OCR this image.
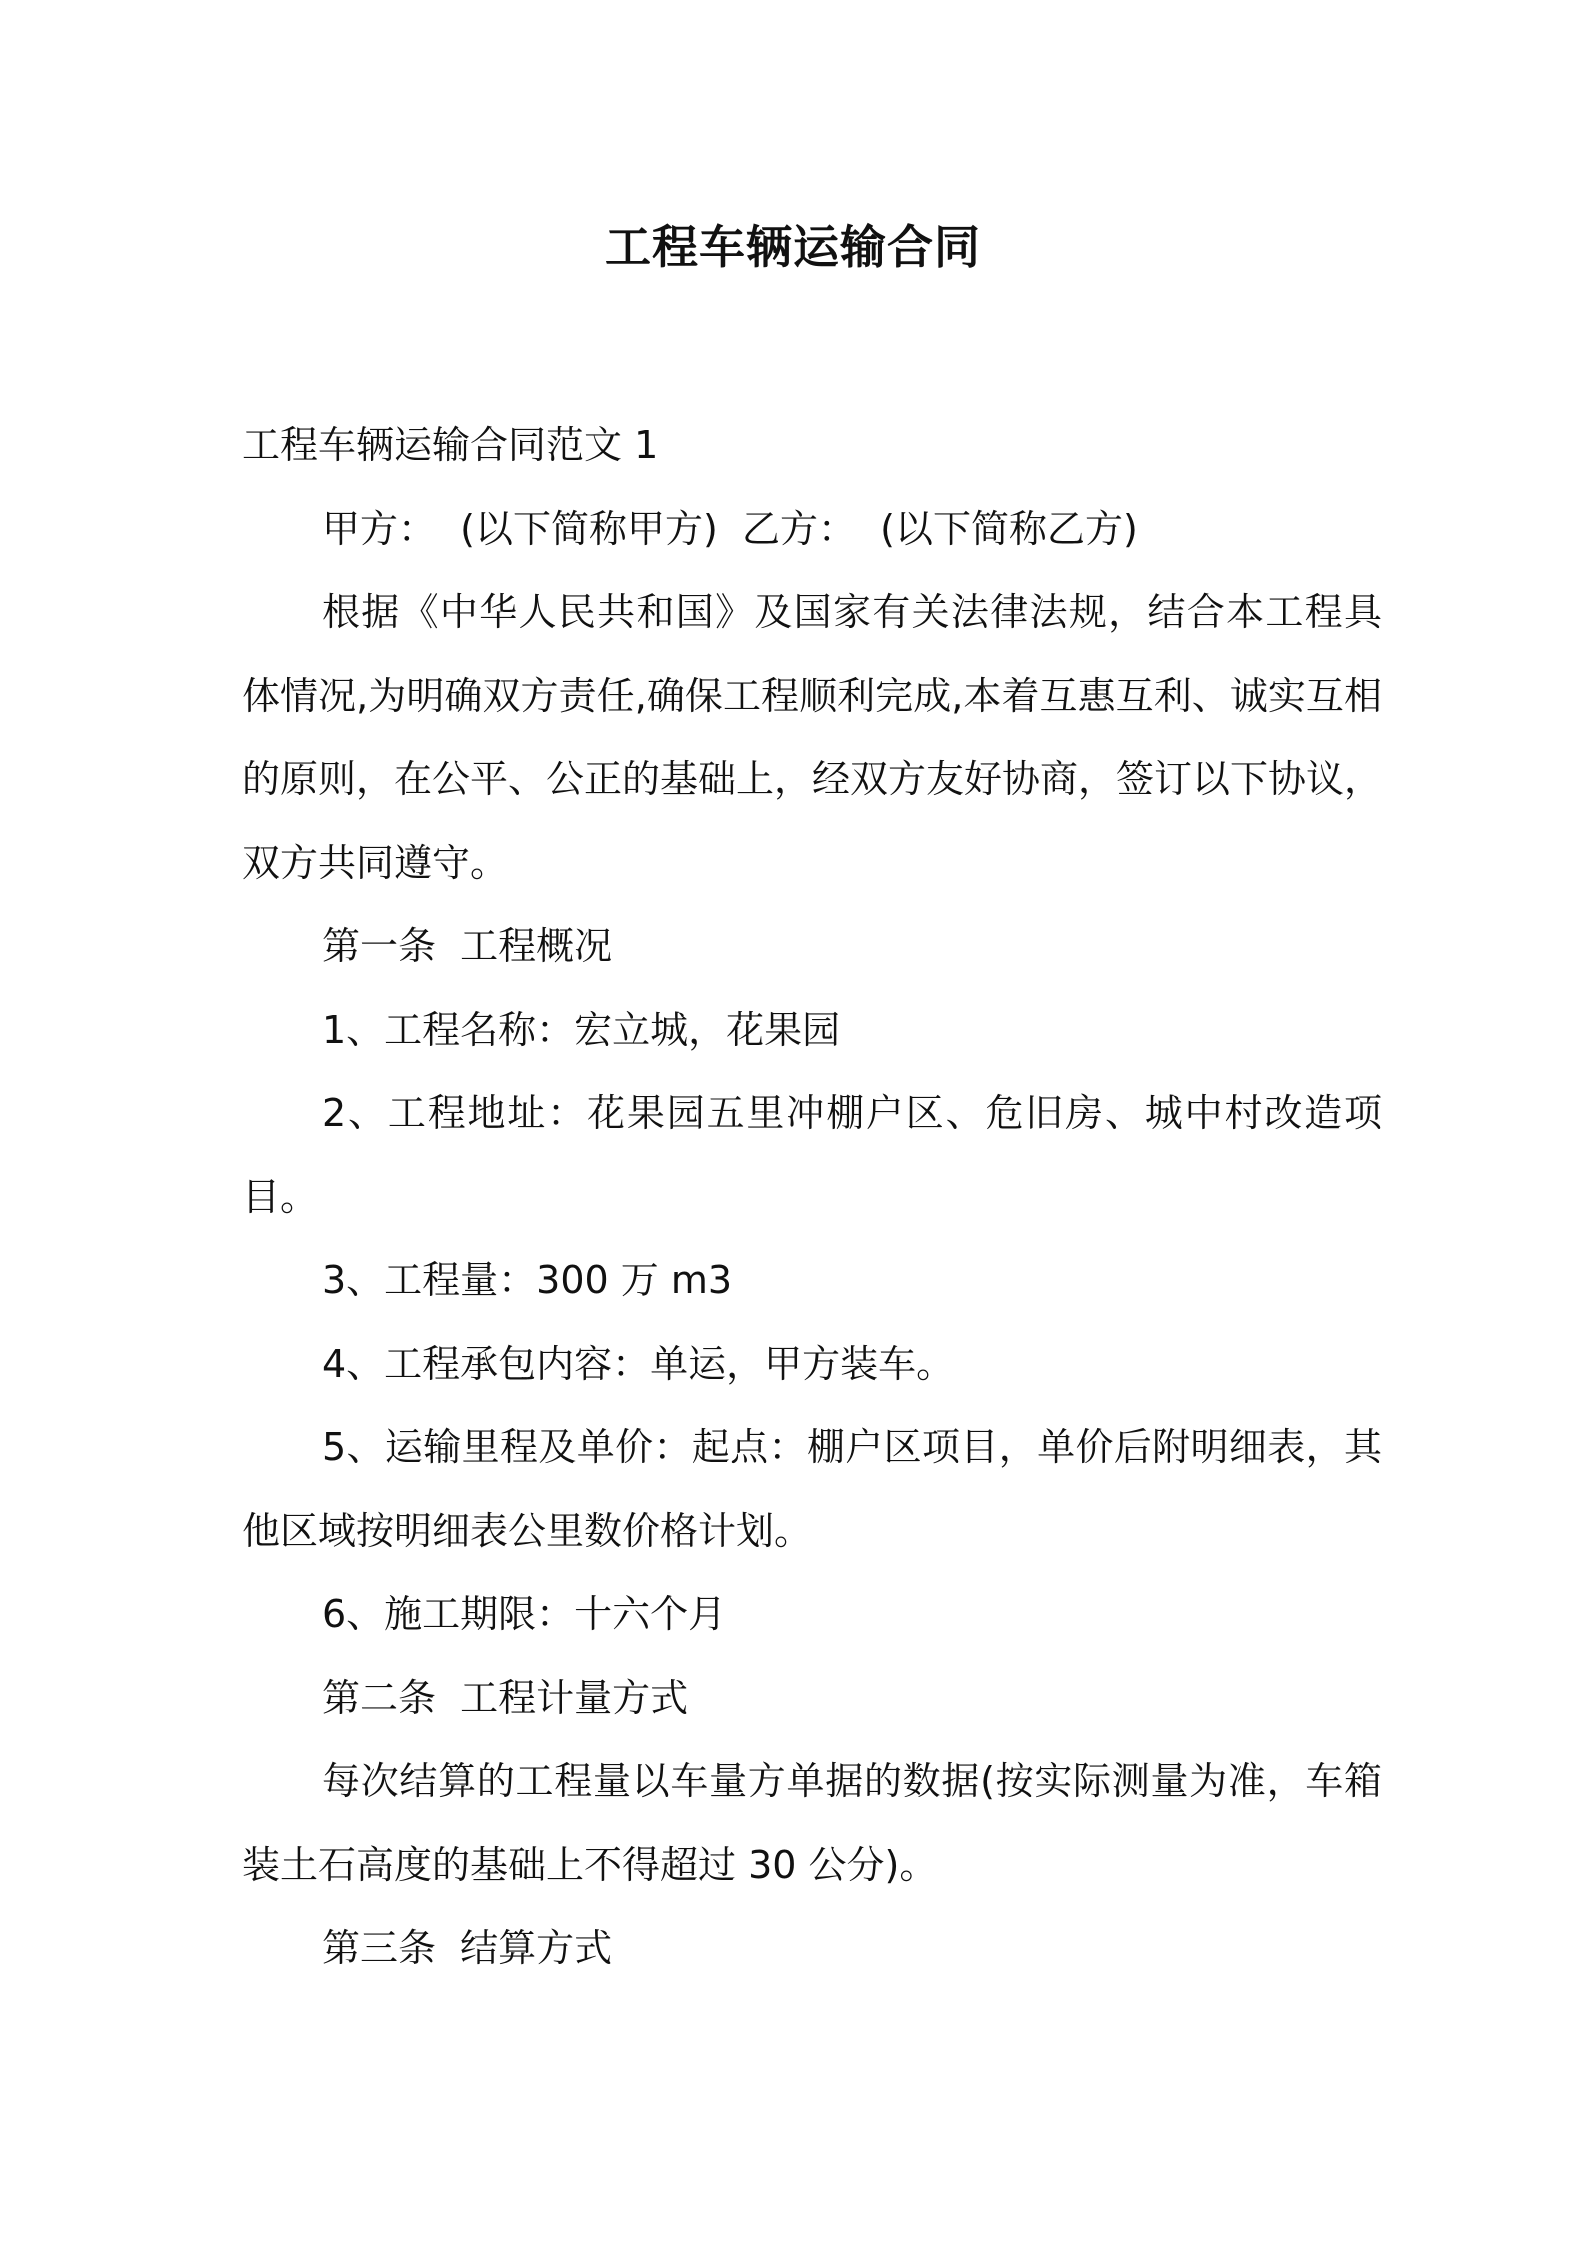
工程车辆运输合同

工程车辆运输合同范文 1

甲方：  (以下简称甲方)  乙方：  (以下简称乙方)

根据《中华人民共和国》及国家有关法律法规，结合本工程具体情况,为明确双方责任,确保工程顺利完成,本着互惠互利、诚实互相的原则，在公平、公正的基础上，经双方友好协商，签订以下协议，双方共同遵守。

第一条  工程概况

1、工程名称：宏立城，花果园

2、工程地址：花果园五里冲棚户区、危旧房、城中村改造项目。

3、工程量：300 万 m3

4、工程承包内容：单运，甲方装车。

5、运输里程及单价：起点：棚户区项目，单价后附明细表，其他区域按明细表公里数价格计划。

6、施工期限：十六个月

第二条  工程计量方式

每次结算的工程量以车量方单据的数据(按实际测量为准，车箱装土石高度的基础上不得超过 30 公分)。

第三条  结算方式
